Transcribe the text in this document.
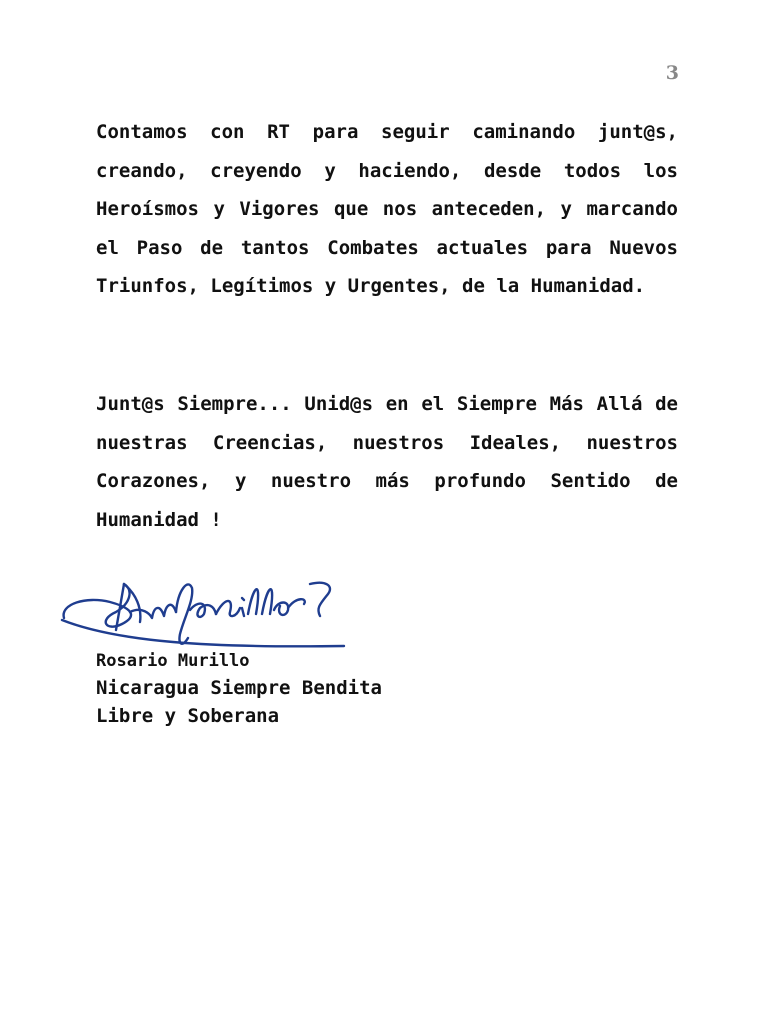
3

Contamos con RT para seguir caminando junt@s, creando, creyendo y haciendo, desde todos los Heroísmos y Vigores que nos anteceden, y marcando el Paso de tantos Combates actuales para Nuevos Triunfos, Legítimos y Urgentes, de la Humanidad.

Junt@s Siempre... Unid@s en el Siempre Más Allá de nuestras Creencias, nuestros Ideales, nuestros Corazones, y nuestro más profundo Sentido de Humanidad !

Rosario Murillo
Nicaragua Siempre Bendita
Libre y Soberana
